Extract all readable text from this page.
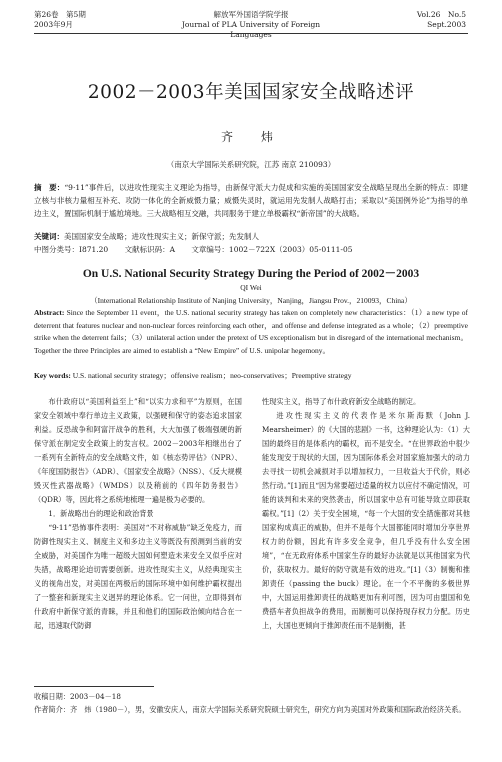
第26卷　第5期
2003年9月
解放军外国语学院学报
Journal of PLA University of Foreign Languages
Vol.26　No.5
Sept.2003
2002－2003年美国国家安全战略述评
齐　炜
（南京大学国际关系研究院，江苏 南京 210093）
摘　要：“9·11”事件后，以进攻性现实主义理论为指导，由新保守派大力促成和实施的美国国家安全战略呈现出全新的特点：即建立核与非核力量相互补充、攻防一体化的全新威慑力量；威慑失灵时，就运用先发制人战略打击；采取以“美国例外论”为指导的单边主义，置国际机制于尴尬境地。三大战略相互交融，共同服务于建立单极霸权“新帝国”的大战略。
关键词：美国国家安全战略；进攻性现实主义；新保守派；先发制人
中图分类号：I871.20 文献标识码：A 文章编号：1002－722X（2003）05-0111-05
On U.S. National Security Strategy During the Period of 2002－2003
QI Wei
（International Relationship Institute of Nanjing University，Nanjing，Jiangsu Prov.，210093，China）
Abstract: Since the September 11 event，the U.S. national security strategy has taken on completely new characteristics：（1）a new type of deterrent that features nuclear and non-nuclear forces reinforcing each other，and offense and defense integrated as a whole；（2）preemptive strike when the deterrent fails；（3）unilateral action under the pretext of US exceptionalism but in disregard of the international mechanism。Together the three Principles are aimed to establish a “New Empire” of U.S. unipolar hegemony。
Key words: U.S. national security strategy；offensive realism；neo-conservatives；Preemptive strategy

布什政府以“美国利益至上”和“以实力求和平”为原则，在国家安全领域中奉行单边主义政策，以强硬和保守的姿态追求国家利益。反恐战争和阿富汗战争的胜利，大大加强了极端强硬的新保守派在制定安全政策上的发言权。2002－2003年相继出台了一系列有全新特点的安全战略文件，如《核态势评估》（NPR）、《年度国防报告》（ADR）、《国家安全战略》（NSS）、《反大规模毁灭性武器战略》（WMDS）以及稍前的《四年防务报告》（QDR）等，因此将之系统地梳理一遍是极为必要的。

1．新战略出台的理论和政治背景

“9·11”恐怖事件表明：美国对“不对称威胁”缺乏免疫力，而防御性现实主义、制度主义和多边主义等既没有预测到当前的安全威胁，对美国作为唯一超级大国如何塑造未来安全又似乎应对失措，战略理论迫切需要创新。进攻性现实主义，从经典现实主义的视角出发，对美国在两极后的国际环境中如何维护霸权提出了一整套和新现实主义迥异的理论体系。它一问世，立即得到布什政府中新保守派的青睐，并且和他们的国际政治倾向结合在一起，迅速取代防御

性现实主义，指导了布什政府新安全战略的制定。

进攻性现实主义的代表作是米尔斯海默（John J. Mearsheimer）的《大国的悲剧》一书，这种理论认为：（1）大国的最终目的是体系内的霸权，而不是安全。“在世界政治中很少能发现安于现状的大国，因为国际体系会对国家施加强大的动力去寻找一切机会减损对手以增加权力，一旦收益大于代价，则必然行动。”[1]而且“因为常要超过适量的权力以应付不确定情况，可能的谈判和未来的突然袭击，所以国家中总有可能导致立即获取霸权。”[1]（2）关于安全困境，“每一个大国的安全措施都对其他国家构成真正的威胁，但并不是每个大国都能同时增加分享世界权力的份额，因此有许多安全竞争，但几乎没有什么安全困境”，“在无政府体系中国家生存的最好办法就是以其他国家为代价，获取权力。最好的防守就是有效的进攻。”[1]（3）制衡和推卸责任（passing the buck）理论。在一个不平衡的多极世界中，大国运用推卸责任的战略更加有利可图，因为可由盟国和免费搭车者负担战争的费用，而制衡可以保持现存权力分配。历史上，大国也更倾向于推卸责任而不是制衡，甚

收稿日期：2003－04－18
作者简介：齐　炜（1980－），男，安徽安庆人，南京大学国际关系研究院硕士研究生，研究方向为美国对外政策和国际政治经济关系。
